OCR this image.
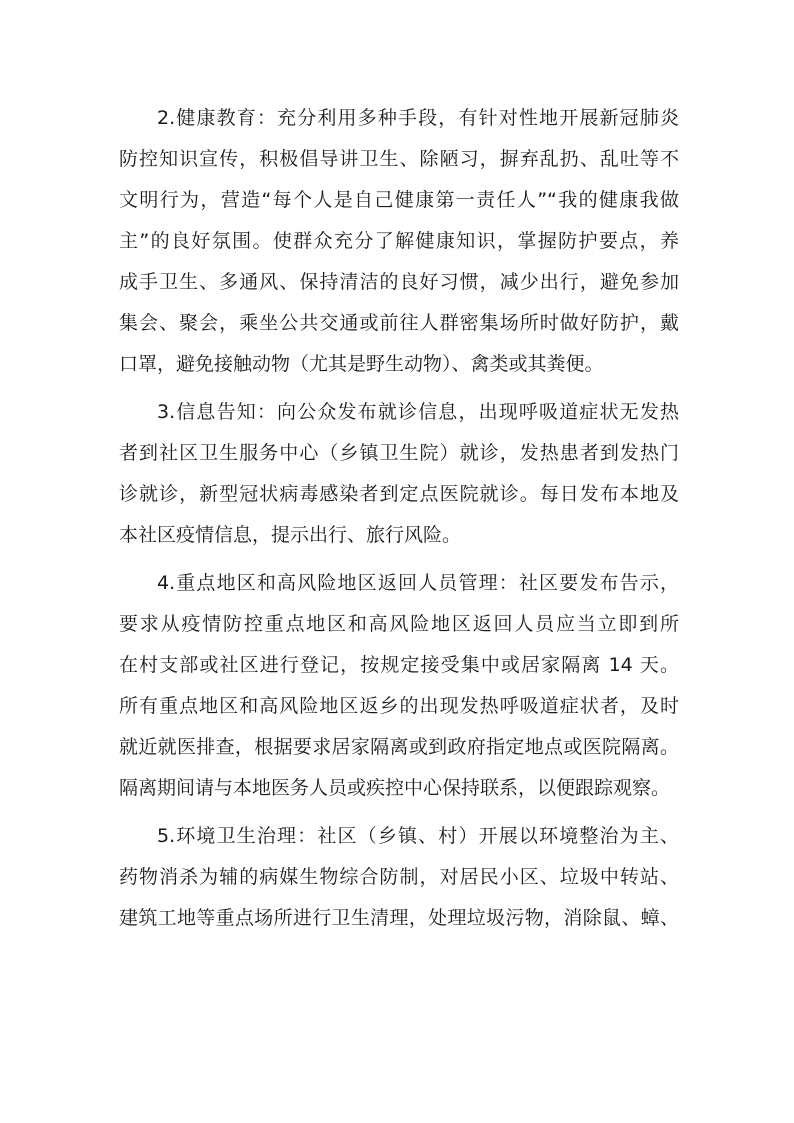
2.健康教育：充分利用多种手段，有针对性地开展新冠肺炎
防控知识宣传，积极倡导讲卫生、除陋习，摒弃乱扔、乱吐等不
文明行为，营造“每个人是自己健康第一责任人”“我的健康我做
主”的良好氛围。使群众充分了解健康知识，掌握防护要点，养
成手卫生、多通风、保持清洁的良好习惯，减少出行，避免参加
集会、聚会，乘坐公共交通或前往人群密集场所时做好防护，戴
口罩，避免接触动物（尤其是野生动物）、禽类或其粪便。
3.信息告知：向公众发布就诊信息，出现呼吸道症状无发热
者到社区卫生服务中心（乡镇卫生院）就诊，发热患者到发热门
诊就诊，新型冠状病毒感染者到定点医院就诊。每日发布本地及
本社区疫情信息，提示出行、旅行风险。
4.重点地区和高风险地区返回人员管理：社区要发布告示，
要求从疫情防控重点地区和高风险地区返回人员应当立即到所
在村支部或社区进行登记，按规定接受集中或居家隔离 14 天。
所有重点地区和高风险地区返乡的出现发热呼吸道症状者，及时
就近就医排查，根据要求居家隔离或到政府指定地点或医院隔离。
隔离期间请与本地医务人员或疾控中心保持联系，以便跟踪观察。
5.环境卫生治理：社区（乡镇、村）开展以环境整治为主、
药物消杀为辅的病媒生物综合防制，对居民小区、垃圾中转站、
建筑工地等重点场所进行卫生清理，处理垃圾污物，消除鼠、蟑、
